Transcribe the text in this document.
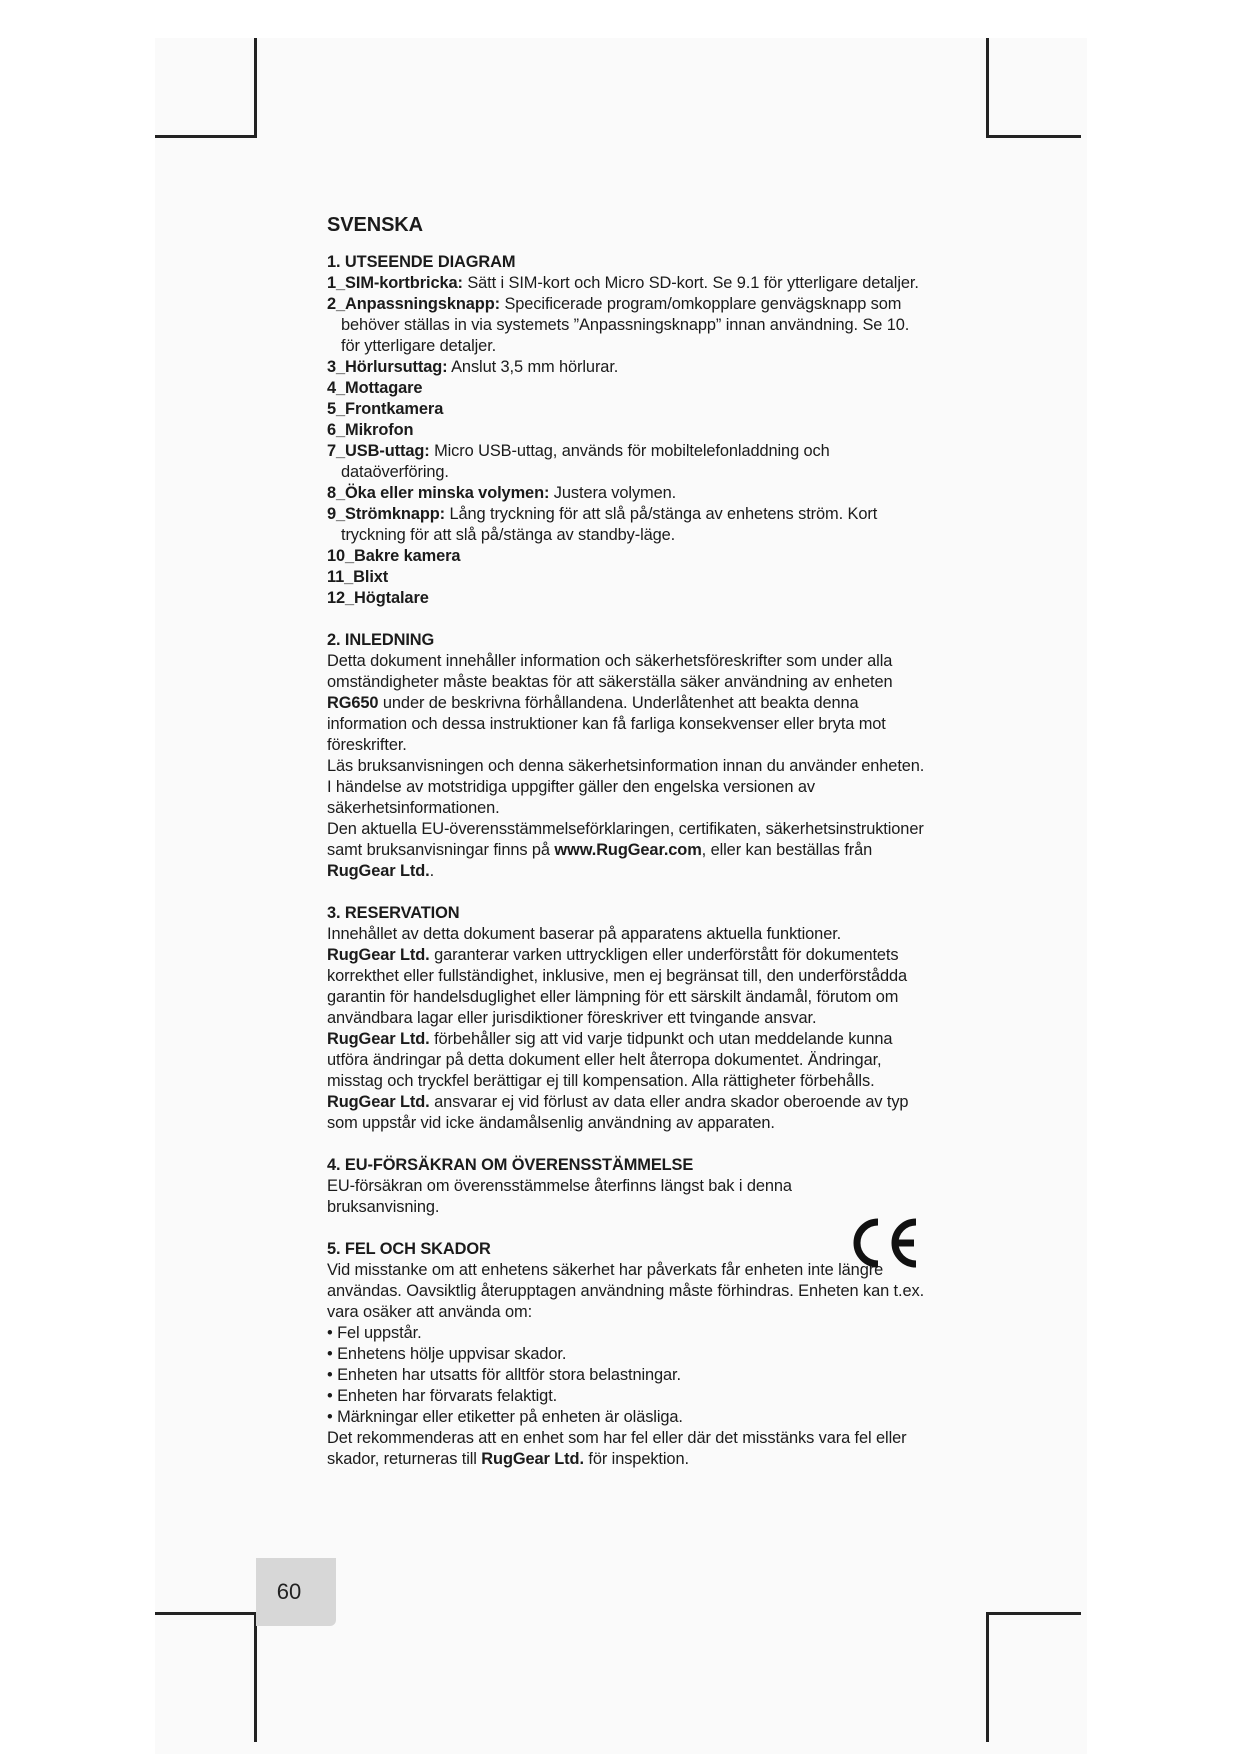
SVENSKA
1. UTSEENDE DIAGRAM

1_SIM-kortbricka: Sätt i SIM-kort och Micro SD-kort. Se 9.1 för ytterligare detaljer.

2_Anpassningsknapp: Specificerade program/omkopplare genvägsknapp som behöver ställas in via systemets ”Anpassningsknapp” innan användning. Se 10. för ytterligare detaljer.

3_Hörlursuttag: Anslut 3,5 mm hörlurar.

4_Mottagare

5_Frontkamera

6_Mikrofon

7_USB-uttag: Micro USB-uttag, används för mobiltelefonladdning och dataöverföring.

8_Öka eller minska volymen: Justera volymen.

9_Strömknapp: Lång tryckning för att slå på/stänga av enhetens ström. Kort tryckning för att slå på/stänga av standby-läge.

10_Bakre kamera

11_Blixt

12_Högtalare

2. INLEDNING

Detta dokument innehåller information och säkerhetsföreskrifter som under alla omständigheter måste beaktas för att säkerställa säker användning av enheten RG650 under de beskrivna förhållandena. Underlåtenhet att beakta denna information och dessa instruktioner kan få farliga konsekvenser eller bryta mot föreskrifter.

Läs bruksanvisningen och denna säkerhetsinformation innan du använder enheten. I händelse av motstridiga uppgifter gäller den engelska versionen av säkerhetsinformationen.

Den aktuella EU-överensstämmelseförklaringen, certifikaten, säkerhetsinstruktioner samt bruksanvisningar finns på www.RugGear.com, eller kan beställas från RugGear Ltd..

3. RESERVATION

Innehållet av detta dokument baserar på apparatens aktuella funktioner.

RugGear Ltd. garanterar varken uttryckligen eller underförstått för dokumentets korrekthet eller fullständighet, inklusive, men ej begränsat till, den underförstådda garantin för handelsduglighet eller lämpning för ett särskilt ändamål, förutom om användbara lagar eller jurisdiktioner föreskriver ett tvingande ansvar.

RugGear Ltd. förbehåller sig att vid varje tidpunkt och utan meddelande kunna utföra ändringar på detta dokument eller helt återropa dokumentet. Ändringar, misstag och tryckfel berättigar ej till kompensation. Alla rättigheter förbehålls.

RugGear Ltd. ansvarar ej vid förlust av data eller andra skador oberoende av typ som uppstår vid icke ändamålsenlig användning av apparaten.

4. EU-FÖRSÄKRAN OM ÖVERENSSTÄMMELSE

EU-försäkran om överensstämmelse återfinns längst bak i denna bruksanvisning.

5. FEL OCH SKADOR

Vid misstanke om att enhetens säkerhet har påverkats får enheten inte längre användas. Oavsiktlig återupptagen användning måste förhindras. Enheten kan t.ex. vara osäker att använda om:

• Fel uppstår.

• Enhetens hölje uppvisar skador.

• Enheten har utsatts för alltför stora belastningar.

• Enheten har förvarats felaktigt.

• Märkningar eller etiketter på enheten är oläsliga.

Det rekommenderas att en enhet som har fel eller där det misstänks vara fel eller skador, returneras till RugGear Ltd. för inspektion.

60
